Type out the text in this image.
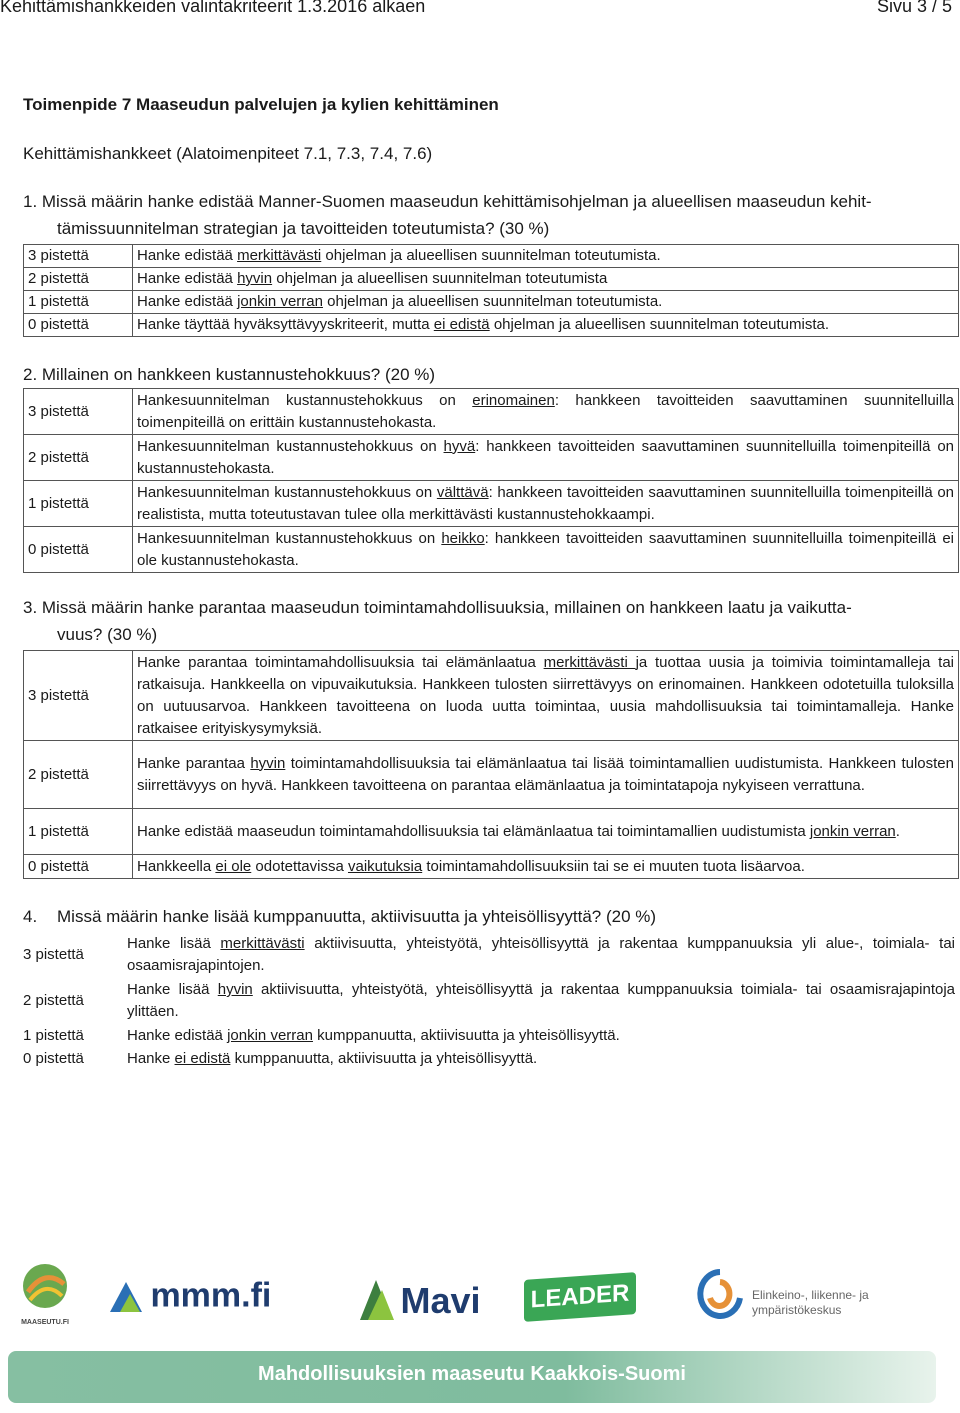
Kehittämishankkeiden valintakriteerit 1.3.2016 alkaen	Sivu 3 / 5
Toimenpide 7 Maaseudun palvelujen ja kylien kehittäminen
Kehittämishankkeet (Alatoimenpiteet 7.1, 7.3, 7.4, 7.6)
1. Missä määrin hanke edistää Manner-Suomen maaseudun kehittämisohjelman ja alueellisen maaseudun kehit-
tämissuunnitelman strategian ja tavoitteiden toteutumista? (30 %)
3 pistettä	Hanke edistää merkittävästi ohjelman ja alueellisen suunnitelman toteutumista.
2 pistettä	Hanke edistää hyvin ohjelman ja alueellisen suunnitelman toteutumista
1 pistettä	Hanke edistää jonkin verran ohjelman ja alueellisen suunnitelman toteutumista.
0 pistettä	Hanke täyttää hyväksyttävyyskriteerit, mutta ei edistä ohjelman ja alueellisen suunnitelman toteutumista.
2. Millainen on hankkeen kustannustehokkuus? (20 %)
3 pistettä	Hankesuunnitelman kustannustehokkuus on erinomainen: hankkeen tavoitteiden saavuttaminen suunnitelluilla toimenpiteillä on erittäin kustannustehokasta.
2 pistettä	Hankesuunnitelman kustannustehokkuus on hyvä: hankkeen tavoitteiden saavuttaminen suunnitelluilla toimenpiteillä on kustannustehokasta.
1 pistettä	Hankesuunnitelman kustannustehokkuus on välttävä: hankkeen tavoitteiden saavuttaminen suunnitelluilla toimenpiteillä on realistista, mutta toteutustavan tulee olla merkittävästi kustannustehokkaampi.
0 pistettä	Hankesuunnitelman kustannustehokkuus on heikko: hankkeen tavoitteiden saavuttaminen suunnitelluilla toimenpiteillä ei ole kustannustehokasta.
3. Missä määrin hanke parantaa maaseudun toimintamahdollisuuksia, millainen on hankkeen laatu ja vaikutta-
vuus? (30 %)
3 pistettä	Hanke parantaa toimintamahdollisuuksia tai elämänlaatua merkittävästi ja tuottaa uusia ja toimivia toimintamalleja tai ratkaisuja. Hankkeella on vipuvaikutuksia. Hankkeen tulosten siirrettävyys on erinomainen. Hankkeen odotetuilla tuloksilla on uutuusarvoa. Hankkeen tavoitteena on luoda uutta toimintaa, uusia mahdollisuuksia tai toimintamalleja. Hanke ratkaisee erityiskysymyksiä.
2 pistettä	Hanke parantaa hyvin toimintamahdollisuuksia tai elämänlaatua tai lisää toimintamallien uudistumista. Hankkeen tulosten siirrettävyys on hyvä. Hankkeen tavoitteena on parantaa elämänlaatua ja toimintatapoja nykyiseen verrattuna.
1 pistettä	Hanke edistää maaseudun toimintamahdollisuuksia tai elämänlaatua tai toimintamallien uudistumista jonkin verran.
0 pistettä	Hankkeella ei ole odotettavissa vaikutuksia toimintamahdollisuuksiin tai se ei muuten tuota lisäarvoa.
4. Missä määrin hanke lisää kumppanuutta, aktiivisuutta ja yhteisöllisyyttä? (20 %)
3 pistettä	Hanke lisää merkittävästi aktiivisuutta, yhteistyötä, yhteisöllisyyttä ja rakentaa kumppanuuksia yli alue-, toimiala- tai osaamisrajapintojen.
2 pistettä	Hanke lisää hyvin aktiivisuutta, yhteistyötä, yhteisöllisyyttä ja rakentaa kumppanuuksia toimiala- tai osaamisrajapintoja ylittäen.
1 pistettä	Hanke edistää jonkin verran kumppanuutta, aktiivisuutta ja yhteisöllisyyttä.
0 pistettä	Hanke ei edistä kumppanuutta, aktiivisuutta ja yhteisöllisyyttä.
MAASEUTU.FI
mmm.fi	Mavi LEADER	Elinkeino-, liikenne- ja
ympäristökeskus
Mahdollisuuksien maaseutu Kaakkois-Suomi
